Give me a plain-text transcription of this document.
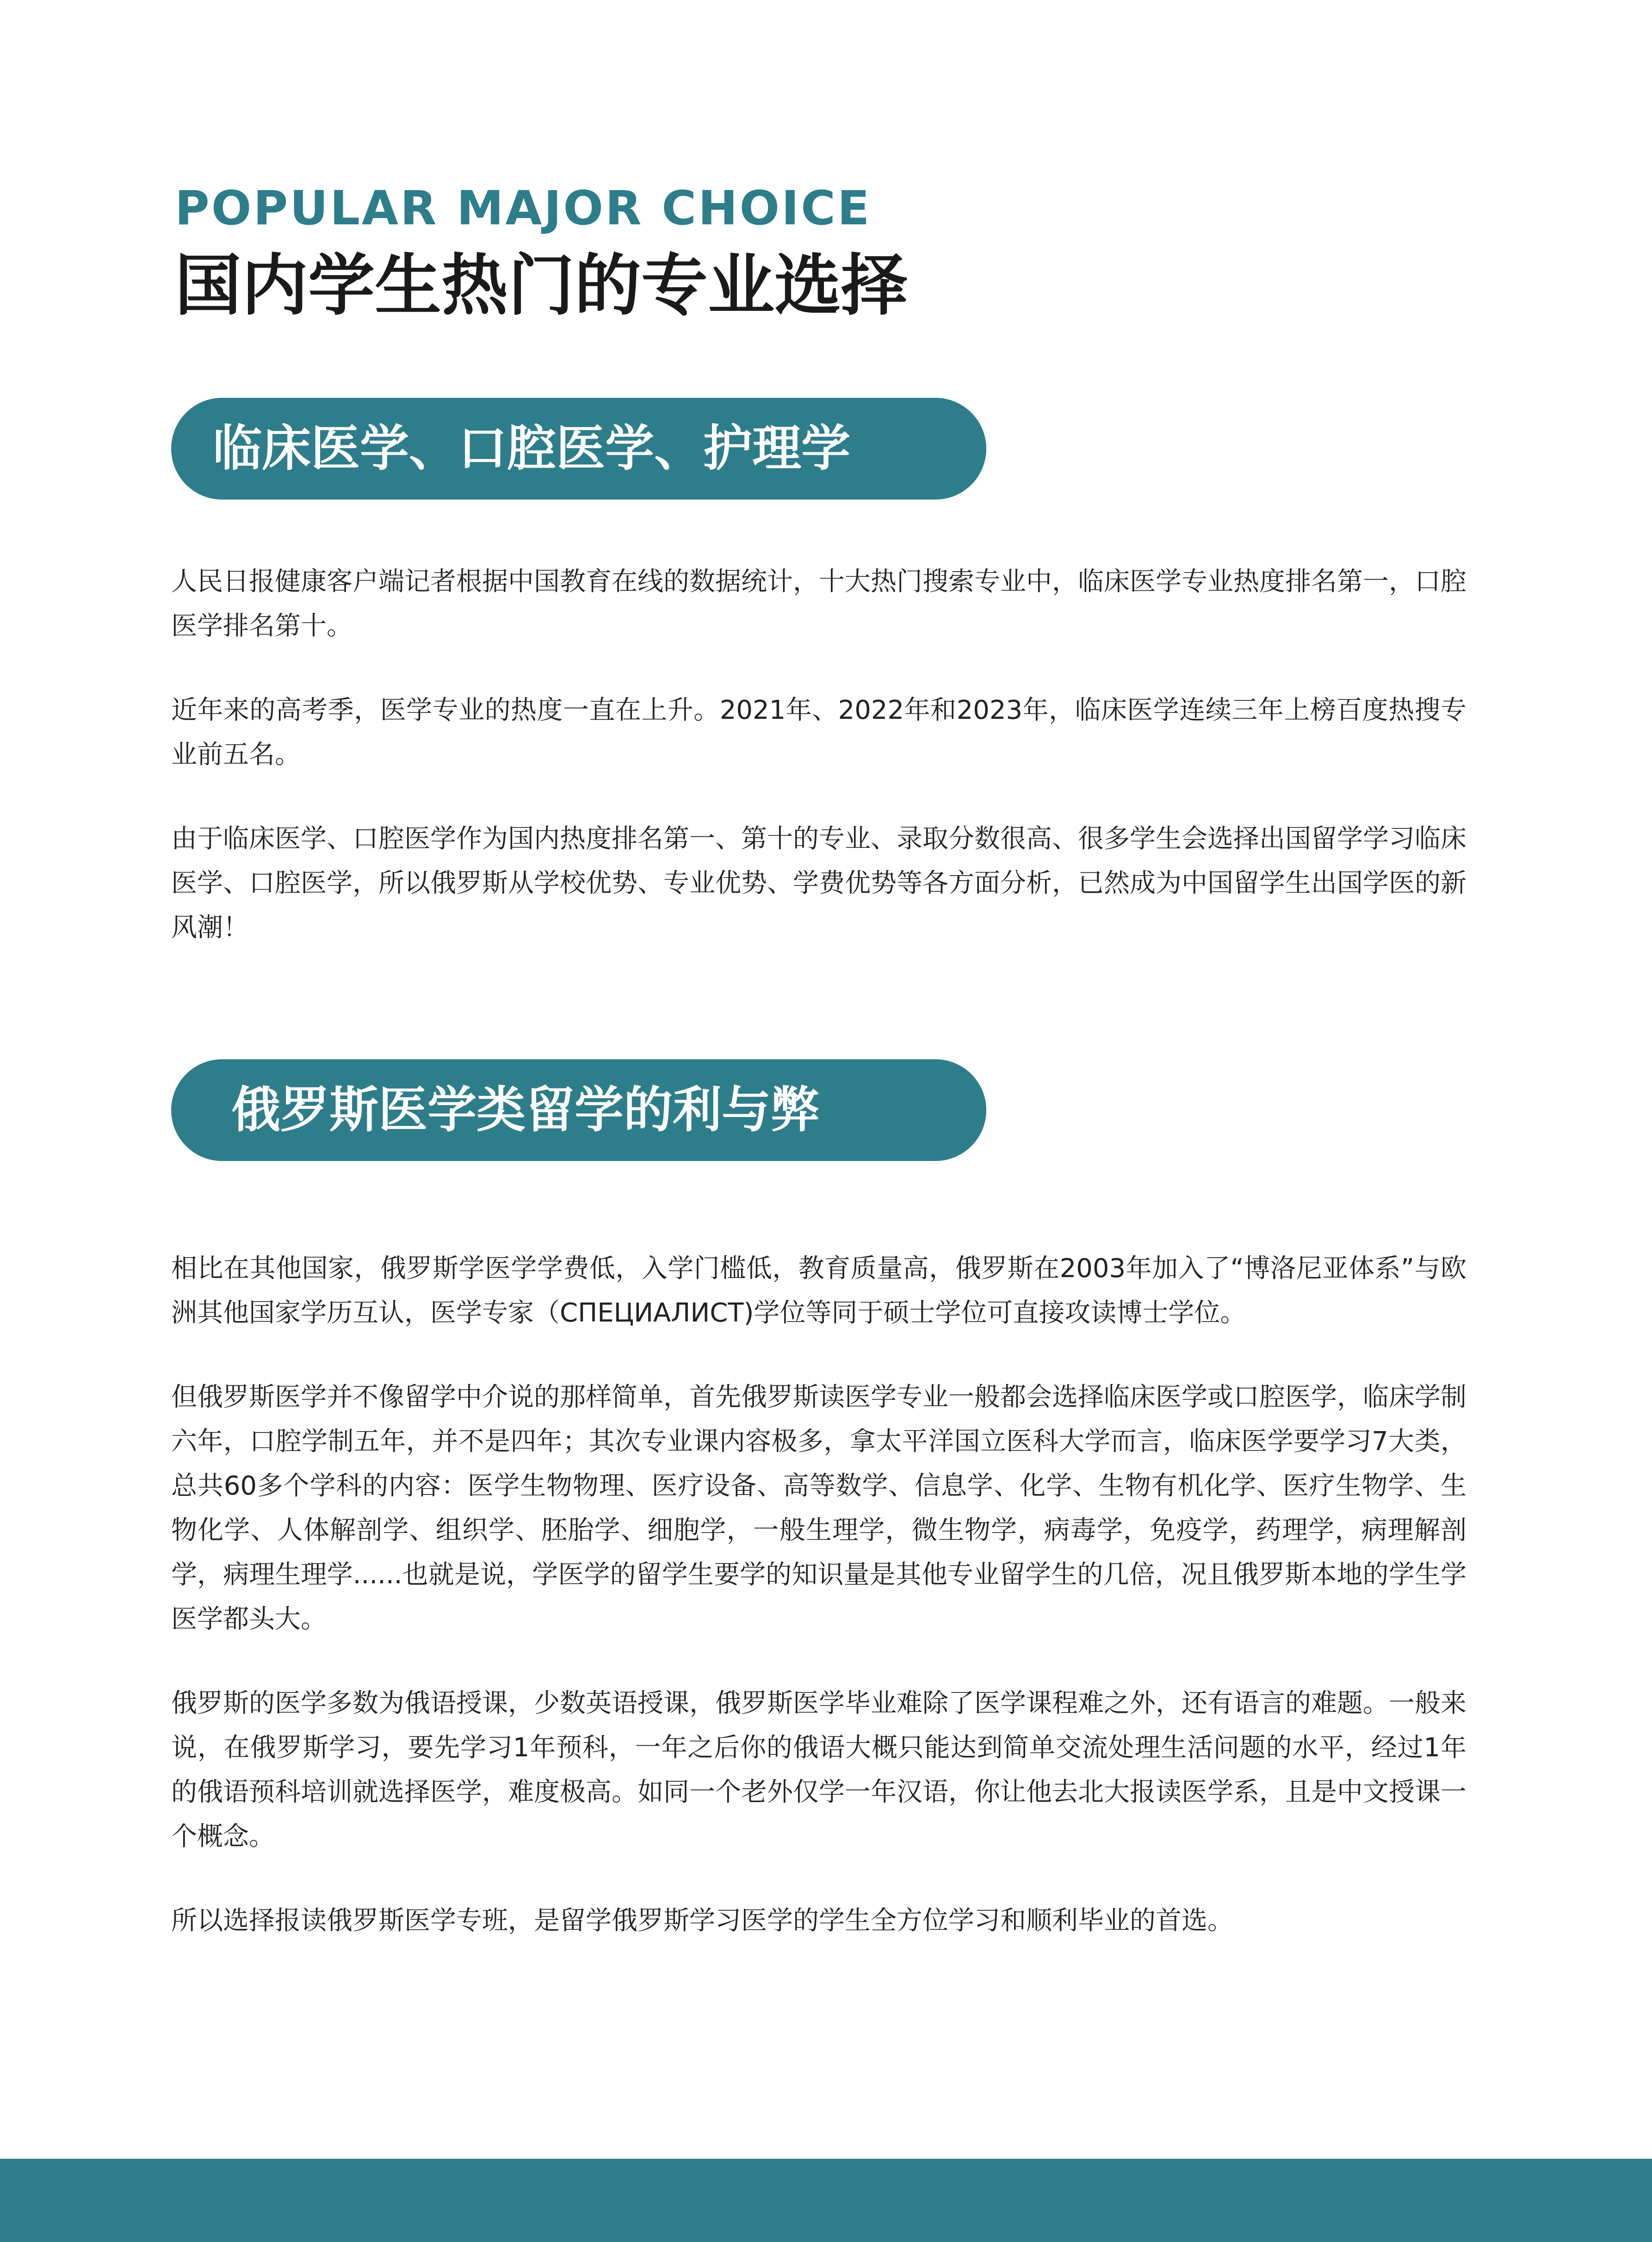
POPULAR MAJOR CHOICE
国内学生热门的专业选择
临床医学、口腔医学、护理学

人民日报健康客户端记者根据中国教育在线的数据统计，十大热门搜索专业中，临床医学专业热度排名第一，口腔医学排名第十。

近年来的高考季，医学专业的热度一直在上升。2021年、2022年和2023年，临床医学连续三年上榜百度热搜专业前五名。

由于临床医学、口腔医学作为国内热度排名第一、第十的专业、录取分数很高、很多学生会选择出国留学学习临床医学、口腔医学，所以俄罗斯从学校优势、专业优势、学费优势等各方面分析，已然成为中国留学生出国学医的新风潮！

俄罗斯医学类留学的利与弊

相比在其他国家，俄罗斯学医学学费低，入学门槛低，教育质量高，俄罗斯在2003年加入了“博洛尼亚体系”与欧洲其他国家学历互认，医学专家（СПЕЦИАЛИСТ)学位等同于硕士学位可直接攻读博士学位。

但俄罗斯医学并不像留学中介说的那样简单，首先俄罗斯读医学专业一般都会选择临床医学或口腔医学，临床学制六年，口腔学制五年，并不是四年；其次专业课内容极多，拿太平洋国立医科大学而言，临床医学要学习7大类，总共60多个学科的内容：医学生物物理、医疗设备、高等数学、信息学、化学、生物有机化学、医疗生物学、生物化学、人体解剖学、组织学、胚胎学、细胞学，一般生理学，微生物学，病毒学，免疫学，药理学，病理解剖学，病理生理学......也就是说，学医学的留学生要学的知识量是其他专业留学生的几倍，况且俄罗斯本地的学生学医学都头大。

俄罗斯的医学多数为俄语授课，少数英语授课，俄罗斯医学毕业难除了医学课程难之外，还有语言的难题。一般来说，在俄罗斯学习，要先学习1年预科，一年之后你的俄语大概只能达到简单交流处理生活问题的水平，经过1年的俄语预科培训就选择医学，难度极高。如同一个老外仅学一年汉语，你让他去北大报读医学系，且是中文授课一个概念。

所以选择报读俄罗斯医学专班，是留学俄罗斯学习医学的学生全方位学习和顺利毕业的首选。
